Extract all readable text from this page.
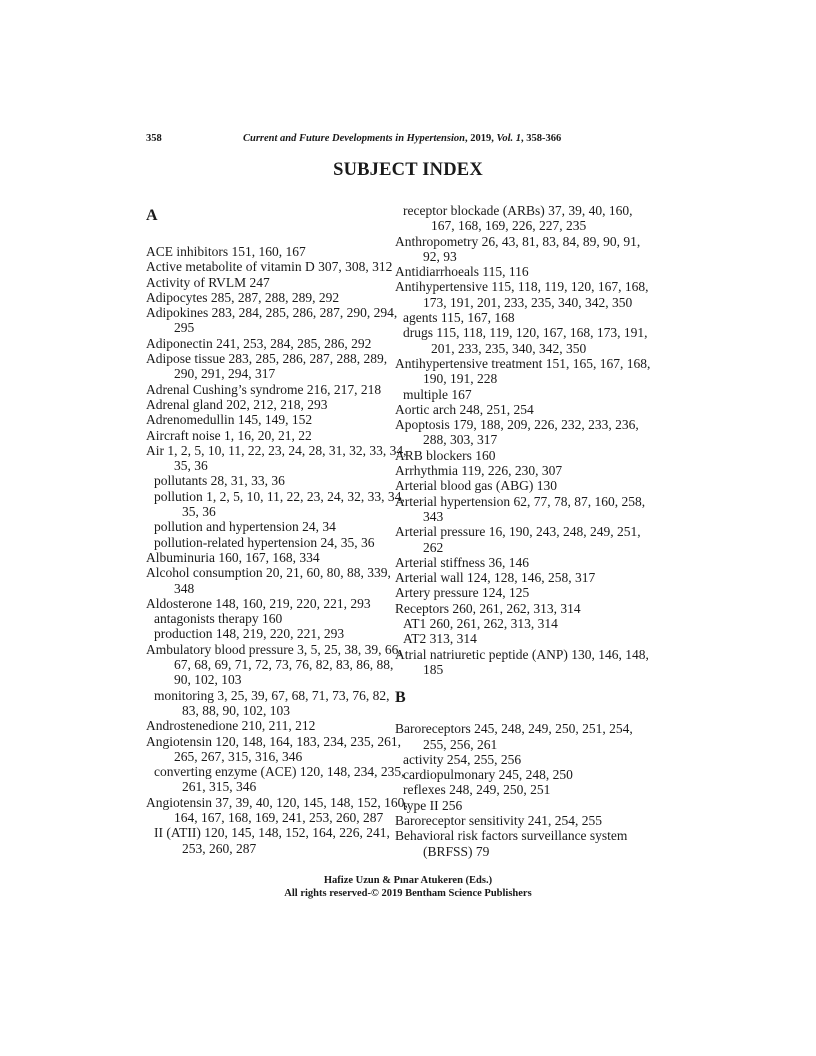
358	Current and Future Developments in Hypertension, 2019, Vol. 1, 358-366
SUBJECT INDEX
A
ACE inhibitors 151, 160, 167
Active metabolite of vitamin D 307, 308, 312
Activity of RVLM 247
Adipocytes 285, 287, 288, 289, 292
Adipokines 283, 284, 285, 286, 287, 290, 294, 295
Adiponectin 241, 253, 284, 285, 286, 292
Adipose tissue 283, 285, 286, 287, 288, 289, 290, 291, 294, 317
Adrenal Cushing’s syndrome 216, 217, 218
Adrenal gland 202, 212, 218, 293
Adrenomedullin 145, 149, 152
Aircraft noise 1, 16, 20, 21, 22
Air 1, 2, 5, 10, 11, 22, 23, 24, 28, 31, 32, 33, 34, 35, 36
pollutants 28, 31, 33, 36
pollution 1, 2, 5, 10, 11, 22, 23, 24, 32, 33, 34, 35, 36
pollution and hypertension 24, 34
pollution-related hypertension 24, 35, 36
Albuminuria 160, 167, 168, 334
Alcohol consumption 20, 21, 60, 80, 88, 339, 348
Aldosterone 148, 160, 219, 220, 221, 293
antagonists therapy 160
production 148, 219, 220, 221, 293
Ambulatory blood pressure 3, 5, 25, 38, 39, 66, 67, 68, 69, 71, 72, 73, 76, 82, 83, 86, 88, 90, 102, 103
monitoring 3, 25, 39, 67, 68, 71, 73, 76, 82, 83, 88, 90, 102, 103
Androstenedione 210, 211, 212
Angiotensin 120, 148, 164, 183, 234, 235, 261, 265, 267, 315, 316, 346
converting enzyme (ACE) 120, 148, 234, 235, 261, 315, 346
Angiotensin 37, 39, 40, 120, 145, 148, 152, 160, 164, 167, 168, 169, 241, 253, 260, 287
II (ATII) 120, 145, 148, 152, 164, 226, 241, 253, 260, 287
receptor blockade (ARBs) 37, 39, 40, 160, 167, 168, 169, 226, 227, 235
Anthropometry 26, 43, 81, 83, 84, 89, 90, 91, 92, 93
Antidiarrhoeals 115, 116
Antihypertensive 115, 118, 119, 120, 167, 168, 173, 191, 201, 233, 235, 340, 342, 350
agents 115, 167, 168
drugs 115, 118, 119, 120, 167, 168, 173, 191, 201, 233, 235, 340, 342, 350
Antihypertensive treatment 151, 165, 167, 168, 190, 191, 228
multiple 167
Aortic arch 248, 251, 254
Apoptosis 179, 188, 209, 226, 232, 233, 236, 288, 303, 317
ARB blockers 160
Arrhythmia 119, 226, 230, 307
Arterial blood gas (ABG) 130
Arterial hypertension 62, 77, 78, 87, 160, 258, 343
Arterial pressure 16, 190, 243, 248, 249, 251, 262
Arterial stiffness 36, 146
Arterial wall 124, 128, 146, 258, 317
Artery pressure 124, 125
Receptors 260, 261, 262, 313, 314
AT1 260, 261, 262, 313, 314
AT2 313, 314
Atrial natriuretic peptide (ANP) 130, 146, 148, 185
B
Baroreceptors 245, 248, 249, 250, 251, 254, 255, 256, 261
activity 254, 255, 256
cardiopulmonary 245, 248, 250
reflexes 248, 249, 250, 251
type II 256
Baroreceptor sensitivity 241, 254, 255
Behavioral risk factors surveillance system (BRFSS) 79
Hafize Uzun & Pınar Atukeren (Eds.)
All rights reserved-© 2019 Bentham Science Publishers
